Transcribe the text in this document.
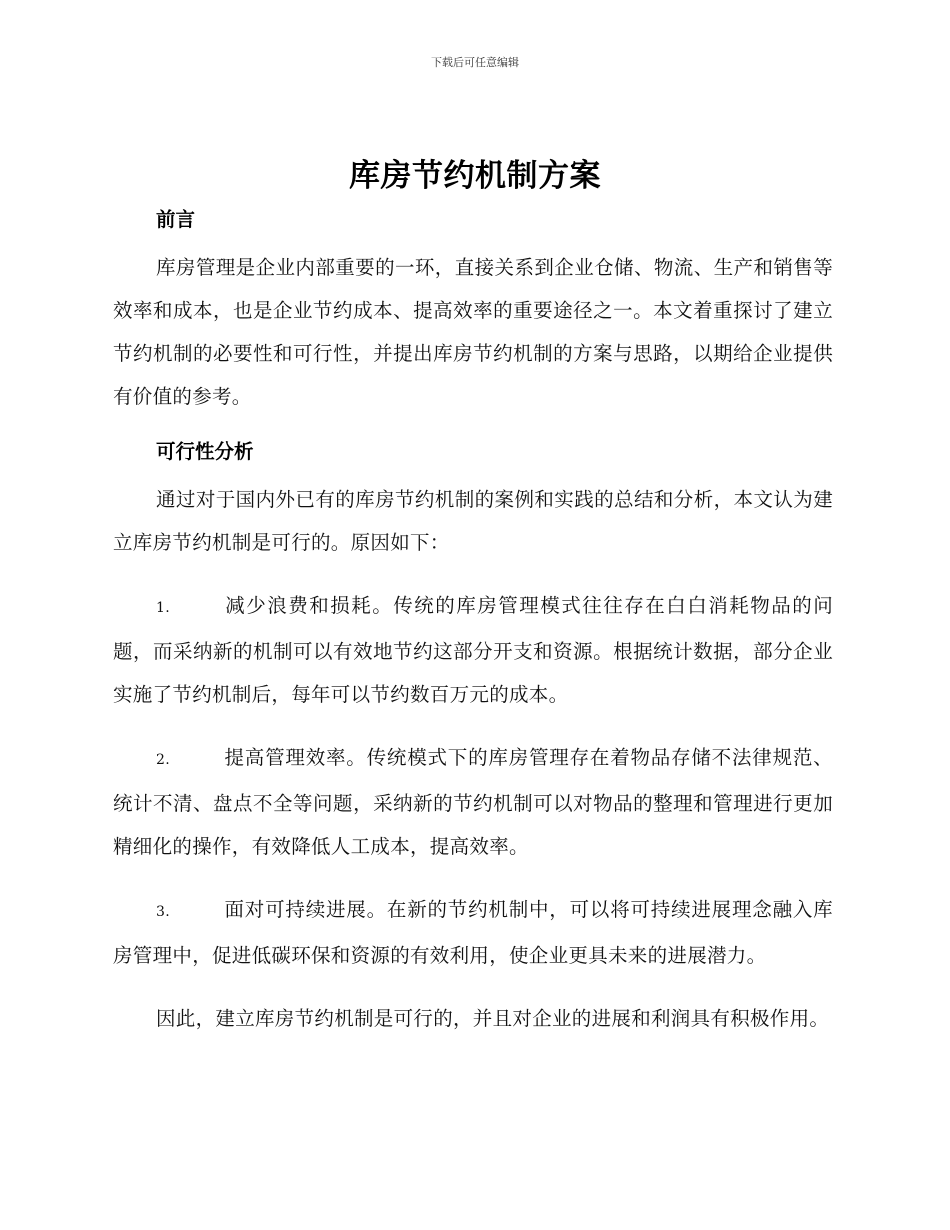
下载后可任意编辑
库房节约机制方案
前言

库房管理是企业内部重要的一环，直接关系到企业仓储、物流、生产和销售等效率和成本，也是企业节约成本、提高效率的重要途径之一。本文着重探讨了建立节约机制的必要性和可行性，并提出库房节约机制的方案与思路，以期给企业提供有价值的参考。

可行性分析

通过对于国内外已有的库房节约机制的案例和实践的总结和分析，本文认为建立库房节约机制是可行的。原因如下：

1.	减少浪费和损耗。传统的库房管理模式往往存在白白消耗物品的问题，而采纳新的机制可以有效地节约这部分开支和资源。根据统计数据，部分企业实施了节约机制后，每年可以节约数百万元的成本。

2.	提高管理效率。传统模式下的库房管理存在着物品存储不法律规范、统计不清、盘点不全等问题，采纳新的节约机制可以对物品的整理和管理进行更加精细化的操作，有效降低人工成本，提高效率。

3.	面对可持续进展。在新的节约机制中，可以将可持续进展理念融入库房管理中，促进低碳环保和资源的有效利用，使企业更具未来的进展潜力。

因此，建立库房节约机制是可行的，并且对企业的进展和利润具有积极作用。
